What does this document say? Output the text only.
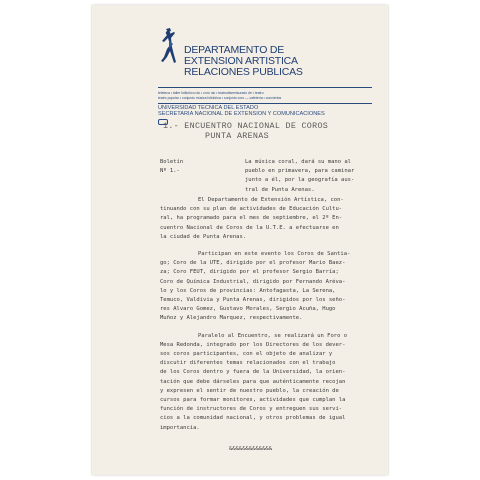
DEPARTAMENTO DE
EXTENSION ARTISTICA
RELACIONES PUBLICAS
teleteca • taller folklórico utc • coro utc • teatrodisemisurado de • teatro
teatro popular • conjunto música folklórica • conjunto coro — cafetería • conciertos
UNIVERSIDAD TECNICA DEL ESTADO
SECRETARIA NACIONAL DE EXTENSION Y COMUNICACIONES
1.- ENCUENTRO NACIONAL DE COROS
PUNTA ARENAS
Boletín
Nº 1.-
La música coral, dará su mano al
pueblo en primavera, para caminar
junto a él, por la geografía aus-
tral de Punta Arenas.
El Departamento de Extensión Artística, con-
tinuando con su plan de actividades de Educación Cultu-
ral, ha programado para el mes de septiembre, el 2º En-
cuentro Nacional de Coros de la U.T.E. a efectuarse en
la ciudad de Punta Arenas.
Participan en este evento los Coros de Santia-
go; Coro de la UTE, dirigido por el profesor Mario Baez-
za; Coro FEUT, dirigido por el profesor Sergio Barría;
Coro de Química Industrial, dirigido por Fernando Aréva-
lo y los Coros de provincias: Antofagasta, La Serena,
Temuco, Valdivia y Punta Arenas, dirigidos por los seño-
res Alvaro Gomez, Gustavo Morales, Sergio Acuña, Hugo
Muñoz y Alejandro Marquez, respectivamente.
Paralelo al Encuentro, se realizará un Foro o
Mesa Redonda, integrado por los Directores de los dever-
sos coros participantes, con el objeto de analizar y
discutir diferentes temas relacionados con el trabajo
de los Coros dentro y fuera de la Universidad, la orien-
tación que debe dárseles para que auténticamente recojan
y expresen el sentir de nuestro pueblo, la creación de
cursos para formar monitores, actividades que cumplan la
función de instructores de Coros y entreguen sus servi-
cios a la comunidad nacional, y otros problemas de igual
importancia.
&&&&&&&&&&&&&
